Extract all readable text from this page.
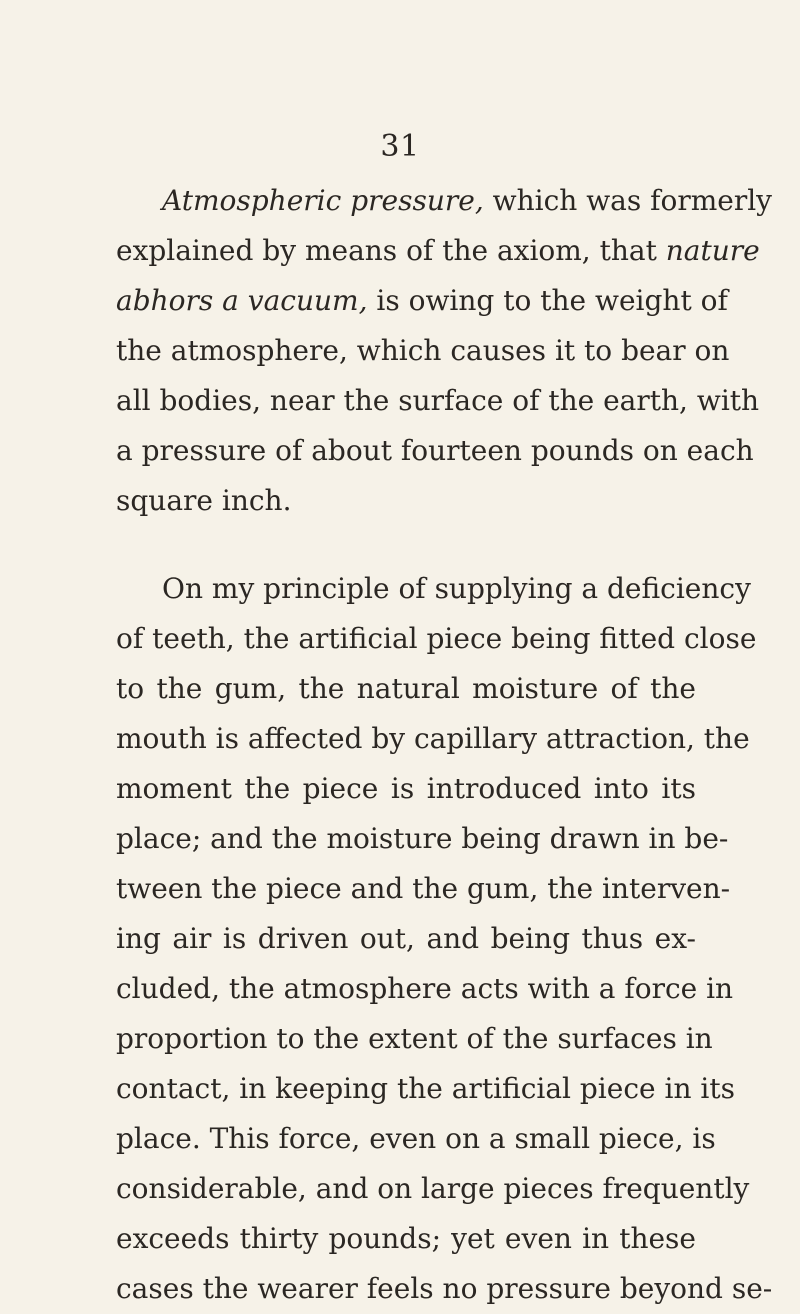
31
Atmospheric pressure, which was formerly
explained by means of the axiom, that nature
abhors a vacuum, is owing to the weight of
the atmosphere, which causes it to bear on
all bodies, near the surface of the earth, with
a pressure of about fourteen pounds on each
square inch.
On my principle of supplying a deficiency
of teeth, the artificial piece being fitted close
to the gum, the natural moisture of the
mouth is affected by capillary attraction, the
moment the piece is introduced into its
place; and the moisture being drawn in be-
tween the piece and the gum, the interven-
ing air is driven out, and being thus ex-
cluded, the atmosphere acts with a force in
proportion to the extent of the surfaces in
contact, in keeping the artificial piece in its
place. This force, even on a small piece, is
considerable, and on large pieces frequently
exceeds thirty pounds; yet even in these
cases the wearer feels no pressure beyond se-
